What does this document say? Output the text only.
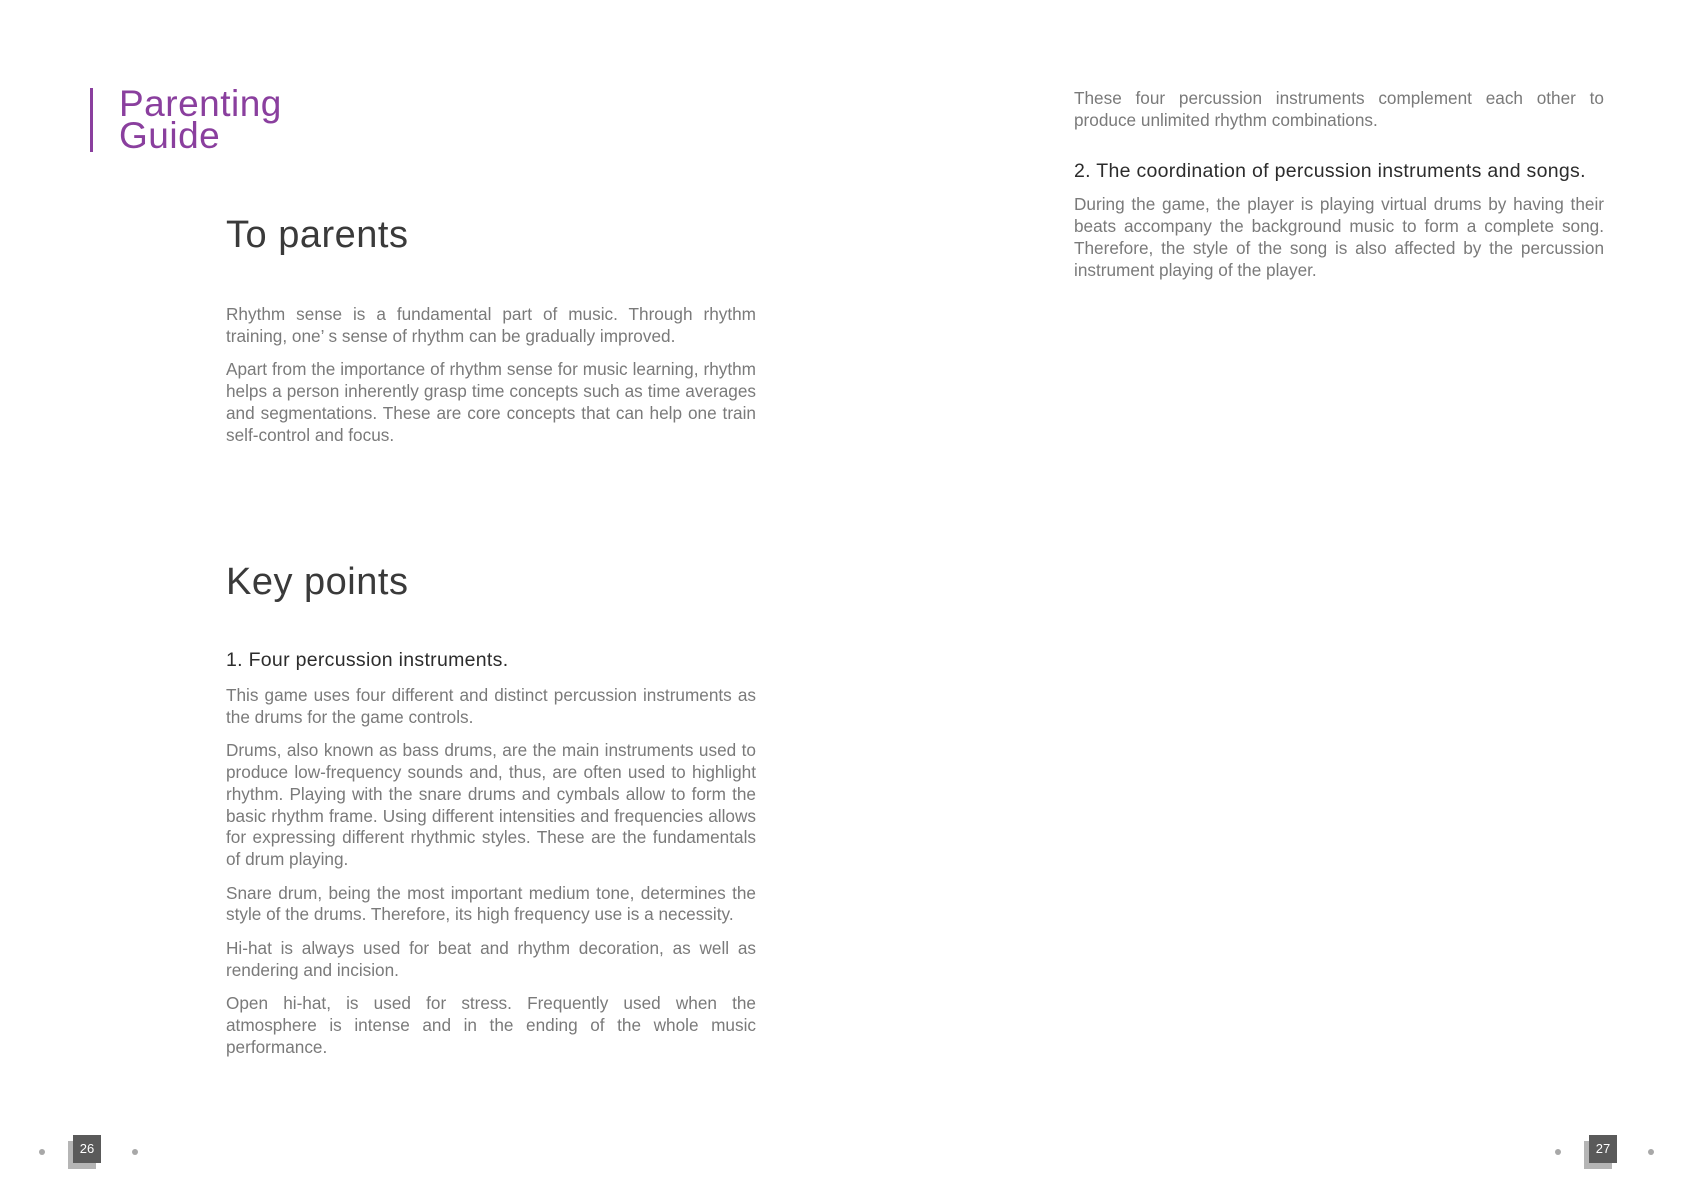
Parenting
Guide
To parents

Rhythm sense is a fundamental part of music. Through rhythm training, one’ s sense of rhythm can be gradually improved.

Apart from the importance of rhythm sense for music learning, rhythm helps a person inherently grasp time concepts such as time averages and segmentations. These are core concepts that can help one train self-control and focus.

Key points
1. Four percussion instruments.

This game uses four different and distinct percussion instruments as the drums for the game controls.

Drums, also known as bass drums, are the main instruments used to produce low-frequency sounds and, thus, are often used to highlight rhythm. Playing with the snare drums and cymbals allow to form the basic rhythm frame. Using different intensities and frequencies allows for expressing different rhythmic styles. These are the fundamentals of drum playing.

Snare drum, being the most important medium tone, determines the style of the drums. Therefore, its high frequency use is a necessity.

Hi-hat is always used for beat and rhythm decoration, as well as rendering and incision.

Open hi-hat, is used for stress. Frequently used when the atmosphere is intense and in the ending of the whole music performance.

26

These four percussion instruments complement each other to produce unlimited rhythm combinations.

2. The coordination of percussion instruments and songs.

During the game, the player is playing virtual drums by having their beats accompany the background music to form a complete song. Therefore, the style of the song is also affected by the percussion instrument playing of the player.

27
